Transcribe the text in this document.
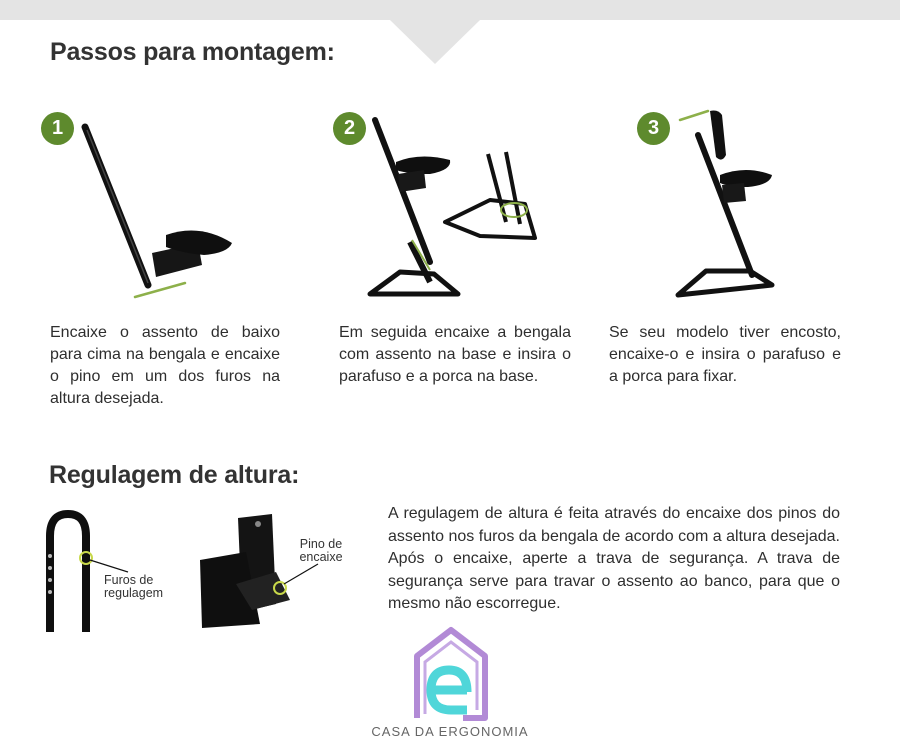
Passos para montagem:
1

Encaixe o assento de baixo para cima na bengala e encaixe o pino em um dos furos na altura desejada.

2

Em seguida encaixe a bengala com assento na base e insira o parafuso e a porca na base.

3

Se seu modelo tiver encosto, encaixe-o e insira o parafuso e a porca para fixar.

Regulagem de altura:
Furos de regulagem
Pino de encaixe

A regulagem de altura é feita através do encaixe dos pinos do assento nos furos da bengala de acordo com a altura desejada. Após o encaixe, aperte a trava de segurança. A trava de segurança serve para travar o assento ao banco, para que o mesmo não escorregue.

CASA DA ERGONOMIA
